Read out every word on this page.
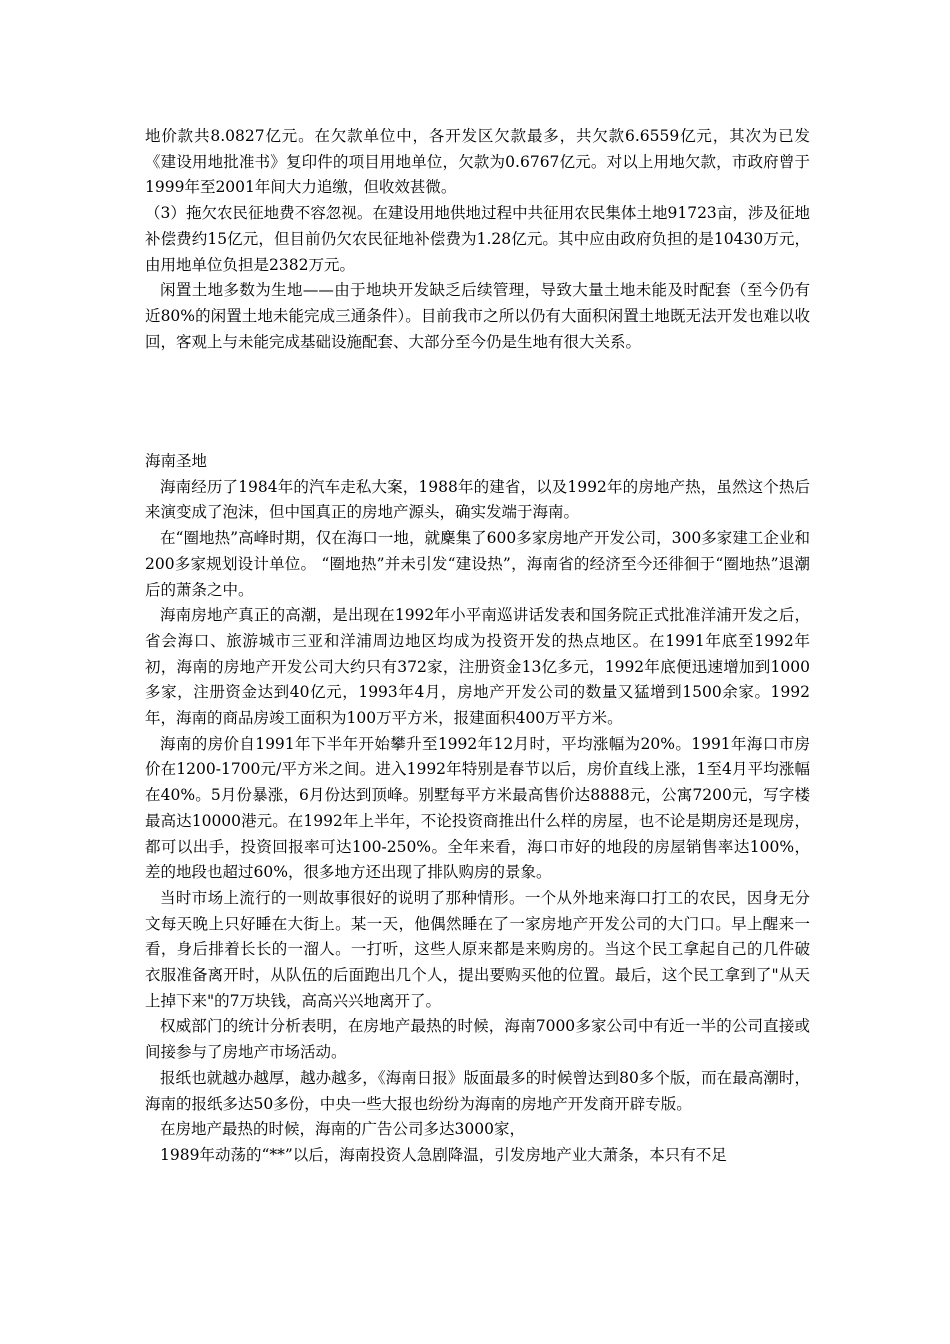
地价款共8.0827亿元。在欠款单位中，各开发区欠款最多，共欠款6.6559亿元，其次为已发《建设用地批准书》复印件的项目用地单位，欠款为0.6767亿元。对以上用地欠款，市政府曾于1999年至2001年间大力追缴，但收效甚微。

（3）拖欠农民征地费不容忽视。在建设用地供地过程中共征用农民集体土地91723亩，涉及征地补偿费约15亿元，但目前仍欠农民征地补偿费为1.28亿元。其中应由政府负担的是10430万元，由用地单位负担是2382万元。

闲置土地多数为生地——由于地块开发缺乏后续管理，导致大量土地未能及时配套（至今仍有近80%的闲置土地未能完成三通条件）。目前我市之所以仍有大面积闲置土地既无法开发也难以收回，客观上与未能完成基础设施配套、大部分至今仍是生地有很大关系。

海南圣地

海南经历了1984年的汽车走私大案，1988年的建省，以及1992年的房地产热，虽然这个热后来演变成了泡沫，但中国真正的房地产源头，确实发端于海南。

在“圈地热”高峰时期，仅在海口一地，就麇集了600多家房地产开发公司，300多家建工企业和200多家规划设计单位。 “圈地热”并未引发“建设热”，海南省的经济至今还徘徊于“圈地热”退潮后的萧条之中。

海南房地产真正的高潮，是出现在1992年小平南巡讲话发表和国务院正式批准洋浦开发之后，省会海口、旅游城市三亚和洋浦周边地区均成为投资开发的热点地区。在1991年底至1992年初，海南的房地产开发公司大约只有372家，注册资金13亿多元，1992年底便迅速增加到1000多家，注册资金达到40亿元，1993年4月，房地产开发公司的数量又猛增到1500余家。1992年，海南的商品房竣工面积为100万平方米，报建面积400万平方米。

海南的房价自1991年下半年开始攀升至1992年12月时，平均涨幅为20%。1991年海口市房价在1200-1700元/平方米之间。进入1992年特别是春节以后，房价直线上涨，1至4月平均涨幅在40%。5月份暴涨，6月份达到顶峰。别墅每平方米最高售价达8888元，公寓7200元，写字楼最高达10000港元。在1992年上半年，不论投资商推出什么样的房屋，也不论是期房还是现房，都可以出手，投资回报率可达100-250%。全年来看，海口市好的地段的房屋销售率达100%，差的地段也超过60%，很多地方还出现了排队购房的景象。

当时市场上流行的一则故事很好的说明了那种情形。一个从外地来海口打工的农民，因身无分文每天晚上只好睡在大街上。某一天，他偶然睡在了一家房地产开发公司的大门口。早上醒来一看，身后排着长长的一溜人。一打听，这些人原来都是来购房的。当这个民工拿起自己的几件破衣服准备离开时，从队伍的后面跑出几个人，提出要购买他的位置。最后，这个民工拿到了"从天上掉下来"的7万块钱，高高兴兴地离开了。

权威部门的统计分析表明，在房地产最热的时候，海南7000多家公司中有近一半的公司直接或间接参与了房地产市场活动。

报纸也就越办越厚，越办越多，《海南日报》版面最多的时候曾达到80多个版，而在最高潮时，海南的报纸多达50多份，中央一些大报也纷纷为海南的房地产开发商开辟专版。

在房地产最热的时候，海南的广告公司多达3000家，

1989年动荡的“**”以后，海南投资人急剧降温，引发房地产业大萧条，本只有不足
